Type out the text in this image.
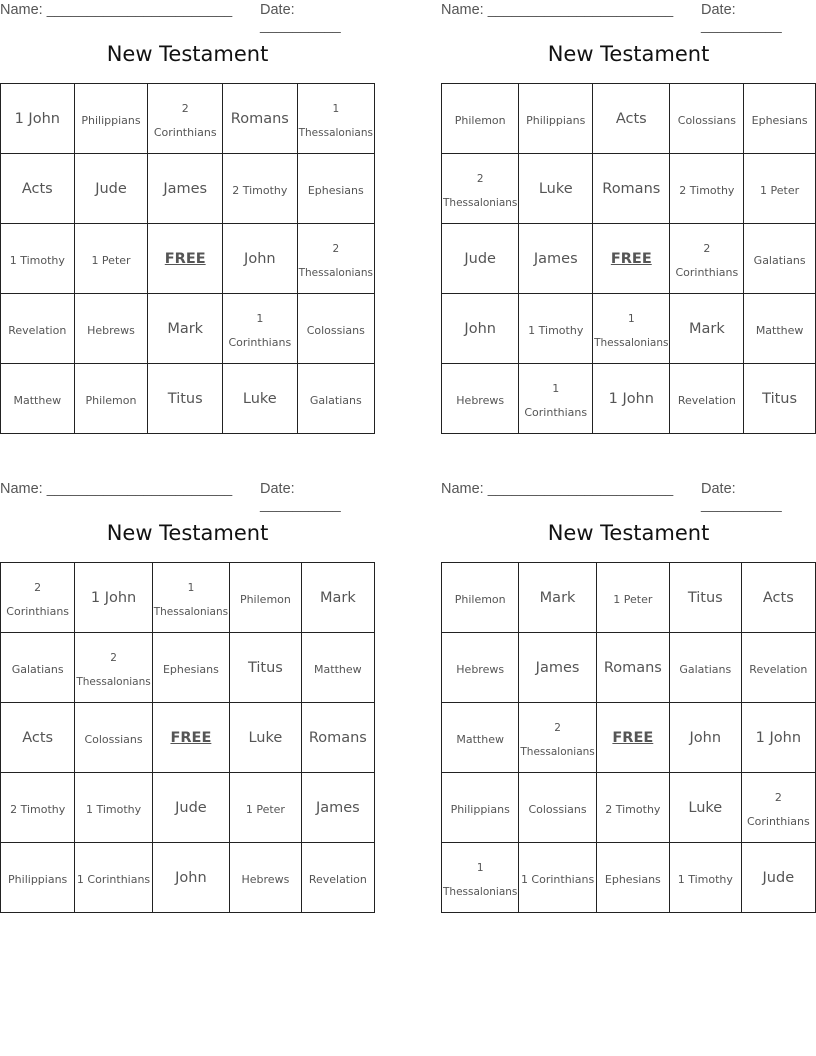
Name: _______________________ Date: __________
New Testament
1 John	Philippians	2 Corinthians	Romans	1 Thessalonians
Acts	Jude	James	2 Timothy	Ephesians
1 Timothy	1 Peter	FREE	John	2 Thessalonians
Revelation	Hebrews	Mark	1 Corinthians	Colossians
Matthew	Philemon	Titus	Luke	Galatians
Name: _______________________ Date: __________
New Testament
Philemon	Philippians	Acts	Colossians	Ephesians
2 Thessalonians	Luke	Romans	2 Timothy	1 Peter
Jude	James	FREE	2 Corinthians	Galatians
John	1 Timothy	1 Thessalonians	Mark	Matthew
Hebrews	1 Corinthians	1 John	Revelation	Titus
Name: _______________________ Date: __________
New Testament
2 Corinthians	1 John	1 Thessalonians	Philemon	Mark
Galatians	2 Thessalonians	Ephesians	Titus	Matthew
Acts	Colossians	FREE	Luke	Romans
2 Timothy	1 Timothy	Jude	1 Peter	James
Philippians	1 Corinthians	John	Hebrews	Revelation
Name: _______________________ Date: __________
New Testament
Philemon	Mark	1 Peter	Titus	Acts
Hebrews	James	Romans	Galatians	Revelation
Matthew	2 Thessalonians	FREE	John	1 John
Philippians	Colossians	2 Timothy	Luke	2 Corinthians
1 Thessalonians	1 Corinthians	Ephesians	1 Timothy	Jude
